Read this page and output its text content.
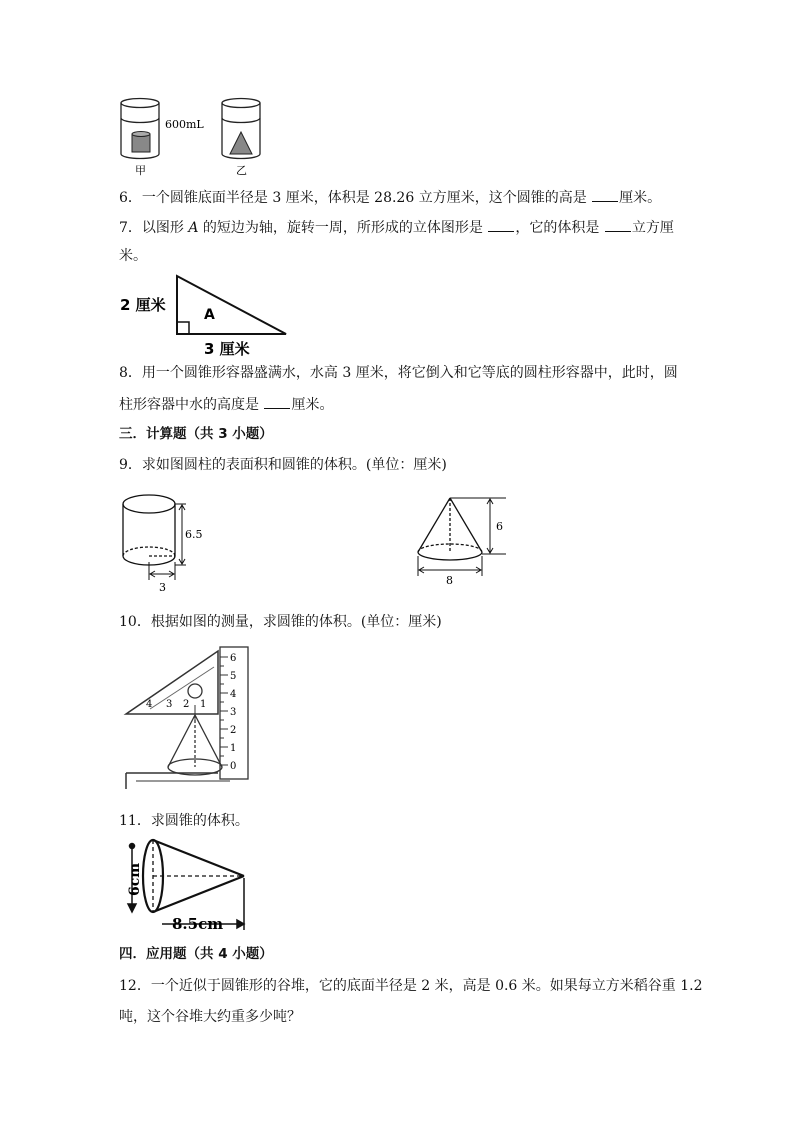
600mL
甲	乙
6．一个圆锥底面半径是 3 厘米，体积是 28.26 立方厘米，这个圆锥的高是 厘米。
7．以图形 A 的短边为轴，旋转一周，所形成的立体图形是 ，它的体积是 立方厘
米。
A
2 厘米
3 厘米
8．用一个圆锥形容器盛满水，水高 3 厘米，将它倒入和它等底的圆柱形容器中，此时，圆
柱形容器中水的高度是 厘米。
三．计算题（共 3 小题）
9．求如图圆柱的表面积和圆锥的体积。(单位：厘米)
6.5
3
6
8
10．根据如图的测量，求圆锥的体积。(单位：厘米)
4 3 2 1
6
5
4
3
2
1
0
11．求圆锥的体积。
6cm
8.5cm
四．应用题（共 4 小题）
12．一个近似于圆锥形的谷堆，它的底面半径是 2 米，高是 0.6 米。如果每立方米稻谷重 1.2
吨，这个谷堆大约重多少吨？
